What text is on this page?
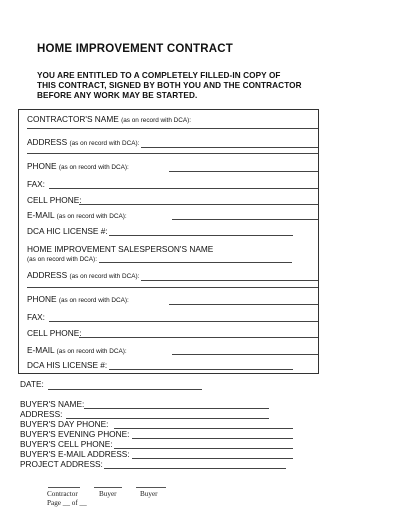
HOME IMPROVEMENT CONTRACT
YOU ARE ENTITLED TO A COMPLETELY FILLED-IN COPY OF
THIS CONTRACT, SIGNED BY BOTH YOU AND THE CONTRACTOR
BEFORE ANY WORK MAY BE STARTED.
CONTRACTOR'S NAME (as on record with DCA):
ADDRESS (as on record with DCA):
PHONE (as on record with DCA):
FAX:
CELL PHONE:
E-MAIL (as on record with DCA):
DCA HIC LICENSE #:
HOME IMPROVEMENT SALESPERSON'S NAME
(as on record with DCA):
ADDRESS (as on record with DCA):
PHONE (as on record with DCA):
FAX:
CELL PHONE:
E-MAIL (as on record with DCA):
DCA HIS LICENSE #:
DATE:
BUYER'S NAME:
ADDRESS:
BUYER'S DAY PHONE:
BUYER'S EVENING PHONE:
BUYER'S CELL PHONE:
BUYER'S E-MAIL ADDRESS:
PROJECT ADDRESS:
Contractor	Buyer	Buyer
Page __ of __
